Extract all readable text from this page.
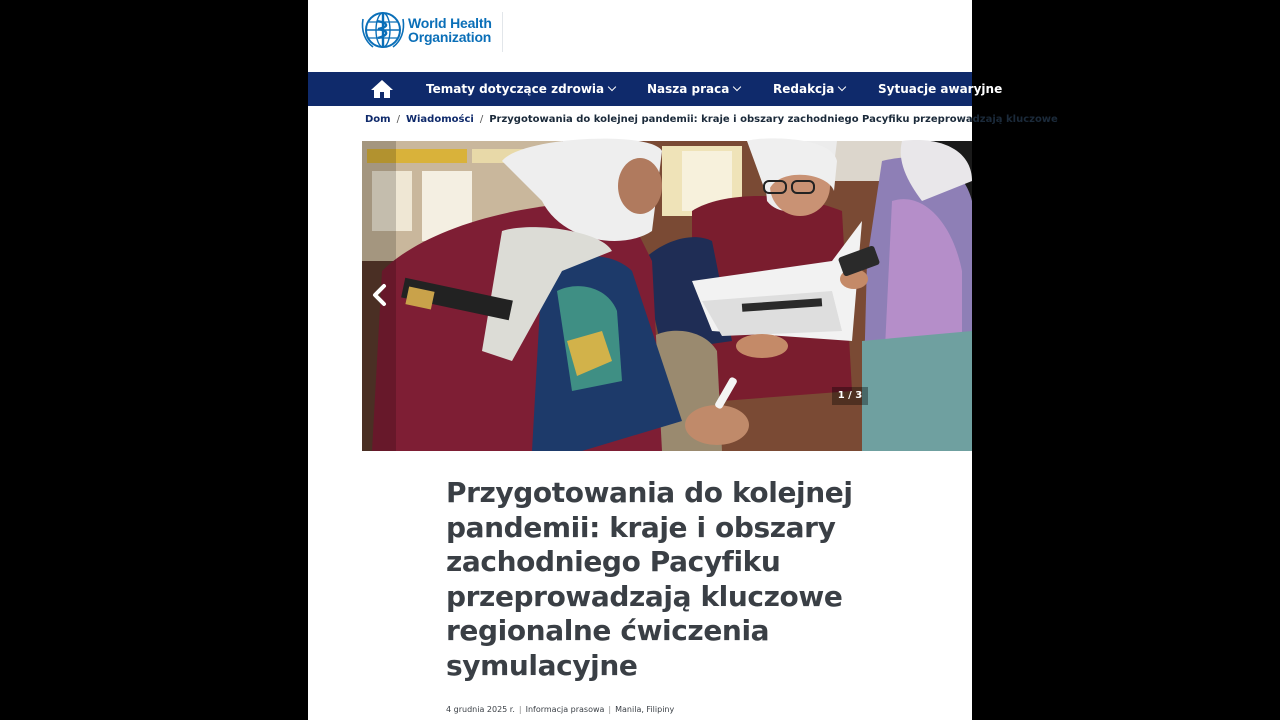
World Health
Organization
Tematy dotyczące zdrowia	Nasza praca	Redakcja	Sytuacje awaryjne
Dom / Wiadomości / Przygotowania do kolejnej pandemii: kraje i obszary zachodniego Pacyfiku przeprowadzają kluczowe
1 / 3
Przygotowania do kolejnej pandemii: kraje i obszary zachodniego Pacyfiku przeprowadzają kluczowe regionalne ćwiczenia symulacyjne
4 grudnia 2025 r. | Informacja prasowa | Manila, Filipiny
